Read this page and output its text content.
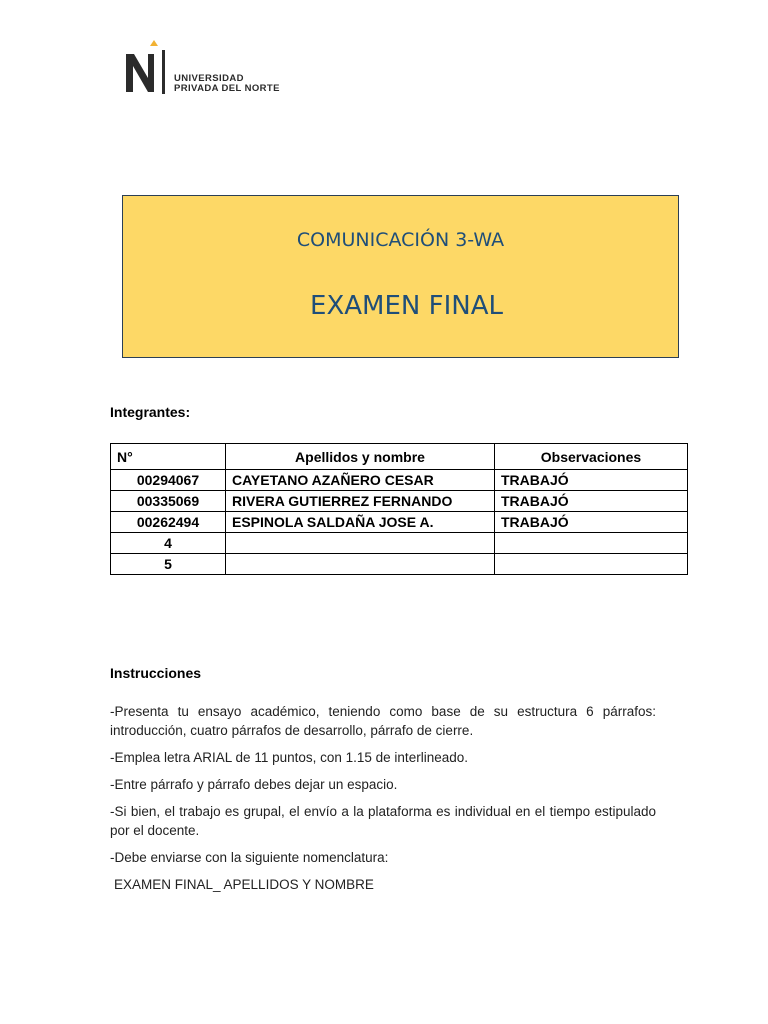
UNIVERSIDAD
PRIVADA DEL NORTE
COMUNICACIÓN 3-WA
EXAMEN FINAL
Integrantes:
N°	Apellidos y nombre	Observaciones
00294067	CAYETANO AZAÑERO CESAR	TRABAJÓ
00335069	RIVERA GUTIERREZ FERNANDO	TRABAJÓ
00262494	ESPINOLA SALDAÑA JOSE A.	TRABAJÓ
4		
5		
Instrucciones

-Presenta tu ensayo académico, teniendo como base de su estructura 6 párrafos: introducción, cuatro párrafos de desarrollo, párrafo de cierre.

-Emplea letra ARIAL de 11 puntos, con 1.15 de interlineado.

-Entre párrafo y párrafo debes dejar un espacio.

-Si bien, el trabajo es grupal, el envío a la plataforma es individual en el tiempo estipulado por el docente.

-Debe enviarse con la siguiente nomenclatura:

EXAMEN FINAL_ APELLIDOS Y NOMBRE
